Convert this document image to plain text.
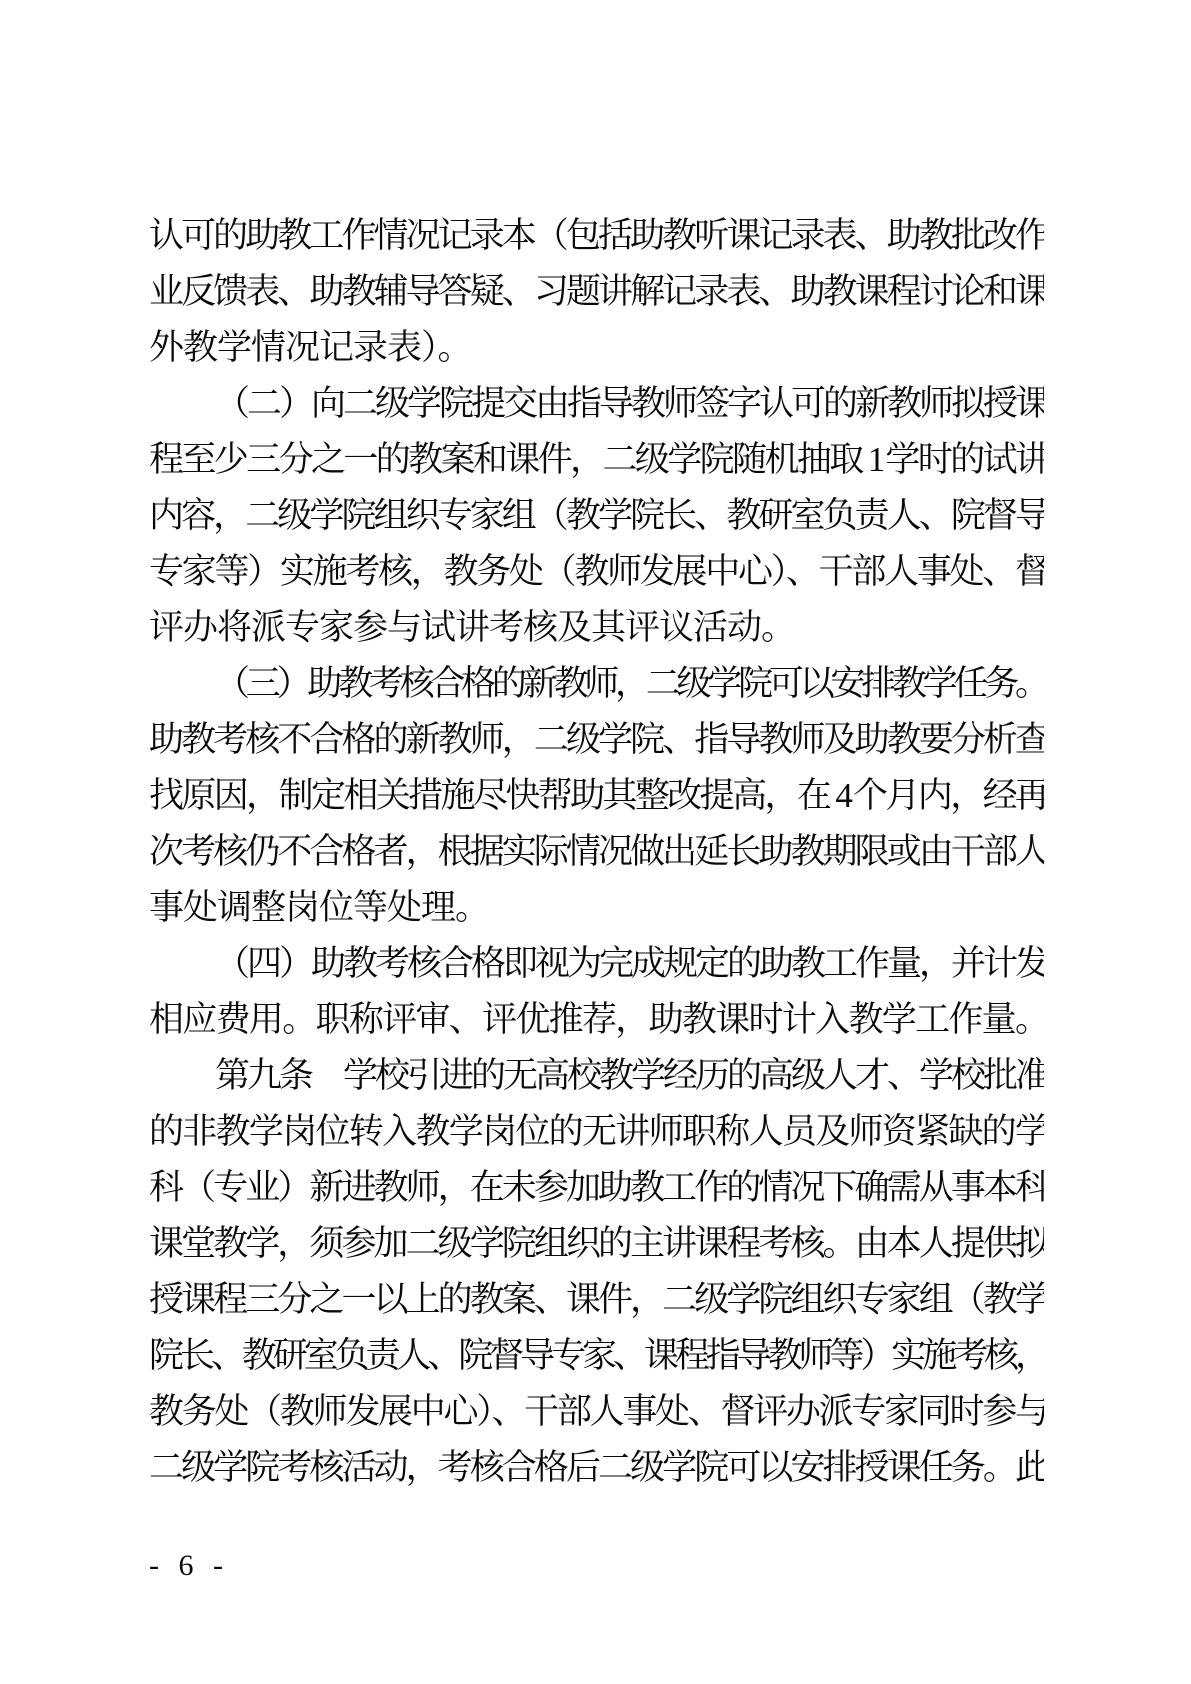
认可的助教工作情况记录本（包括助教听课记录表、助教批改作
业反馈表、助教辅导答疑、习题讲解记录表、助教课程讨论和课
外教学情况记录表）。
（二）向二级学院提交由指导教师签字认可的新教师拟授课
程至少三分之一的教案和课件，二级学院随机抽取 1 学时的试讲
内容，二级学院组织专家组（教学院长、教研室负责人、院督导
专家等）实施考核，教务处（教师发展中心）、干部人事处、督
评办将派专家参与试讲考核及其评议活动。
（三）助教考核合格的新教师，二级学院可以安排教学任务。
助教考核不合格的新教师，二级学院、指导教师及助教要分析查
找原因，制定相关措施尽快帮助其整改提高，在 4 个月内，经再
次考核仍不合格者，根据实际情况做出延长助教期限或由干部人
事处调整岗位等处理。
（四）助教考核合格即视为完成规定的助教工作量，并计发
相应费用。职称评审、评优推荐，助教课时计入教学工作量。
第九条　学校引进的无高校教学经历的高级人才、学校批准
的非教学岗位转入教学岗位的无讲师职称人员及师资紧缺的学
科（专业）新进教师，在未参加助教工作的情况下确需从事本科
课堂教学，须参加二级学院组织的主讲课程考核。由本人提供拟
授课程三分之一以上的教案、课件，二级学院组织专家组（教学
院长、教研室负责人、院督导专家、课程指导教师等）实施考核，
教务处（教师发展中心）、干部人事处、督评办派专家同时参与
二级学院考核活动，考核合格后二级学院可以安排授课任务。此
- 6 -
